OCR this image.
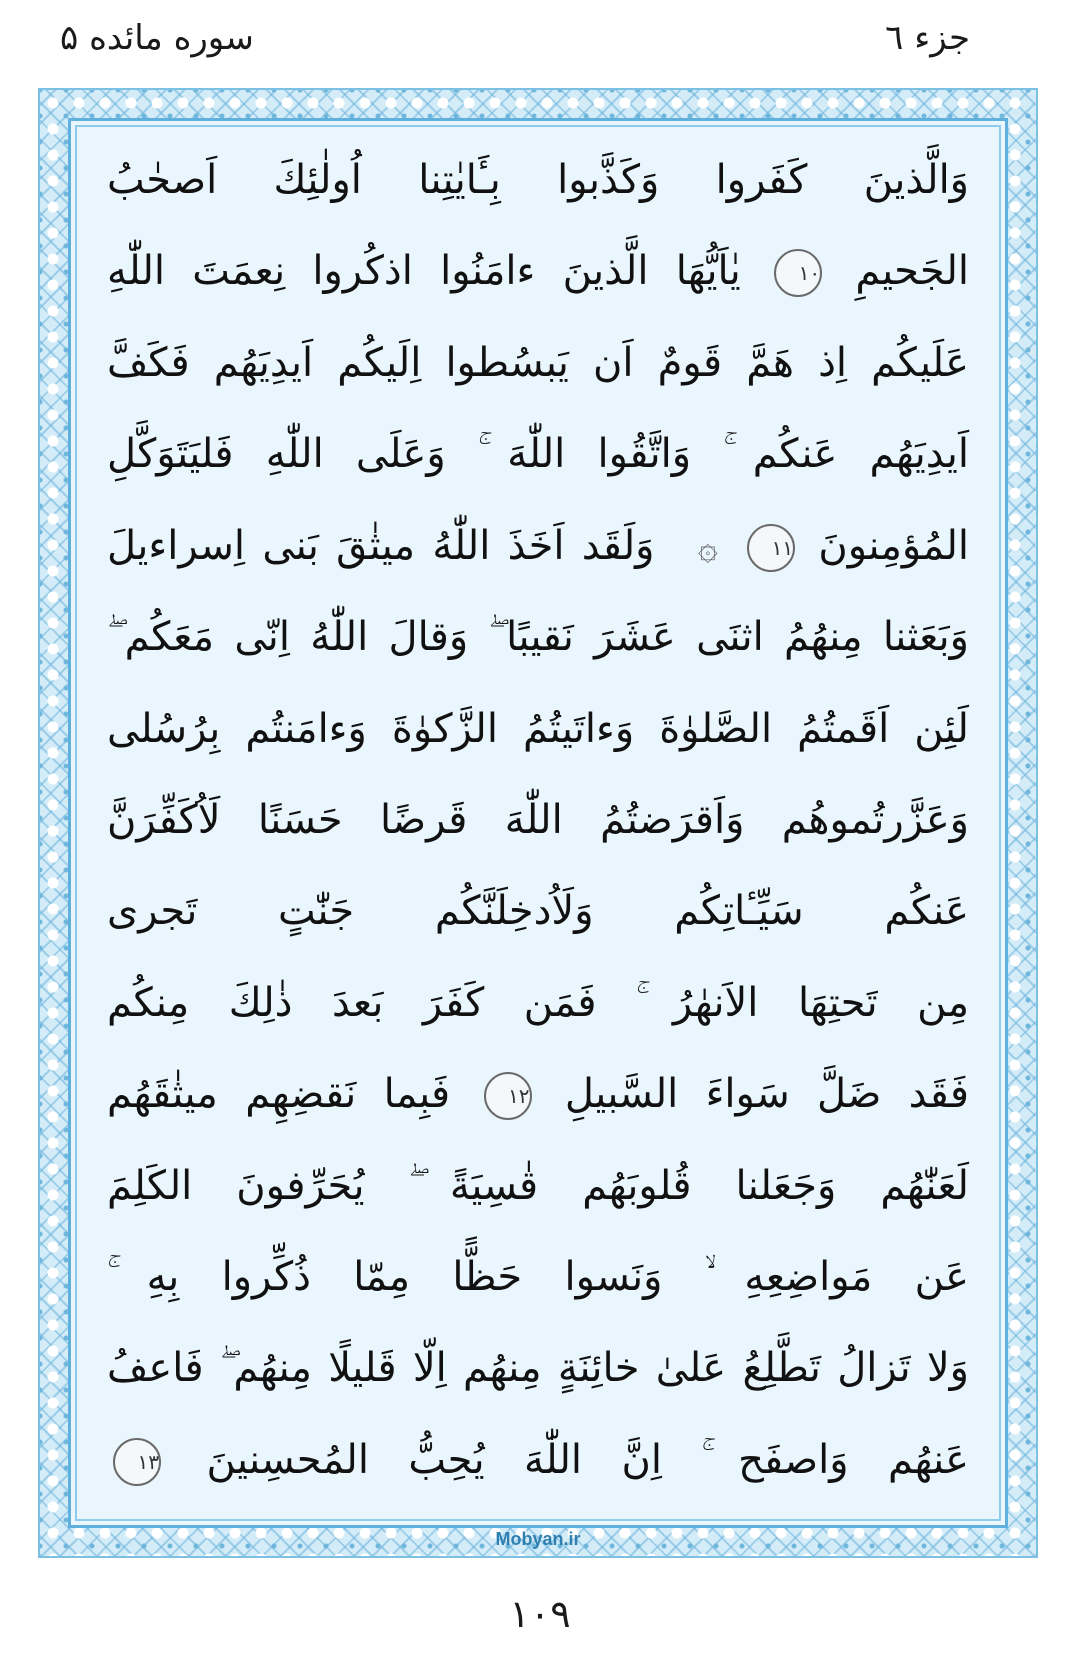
جزء ٦
سوره مائده ۵
وَالَّذينَ كَفَروا وَكَذَّبوا بِـَٔايٰتِنا اُولٰئِكَ اَصحٰبُ
الجَحيمِ ١٠ يٰاَيُّهَا الَّذينَ ءامَنُوا اذكُروا نِعمَتَ اللّٰهِ
عَلَيكُم اِذ هَمَّ قَومٌ اَن يَبسُطوا اِلَيكُم اَيدِيَهُم فَكَفَّ
اَيدِيَهُم عَنكُم ۚ وَاتَّقُوا اللّٰهَ ۚ وَعَلَى اللّٰهِ فَليَتَوَكَّلِ
المُؤمِنونَ ١١ ۞ وَلَقَد اَخَذَ اللّٰهُ ميثٰقَ بَنى اِسراءيلَ
وَبَعَثنا مِنهُمُ اثنَى عَشَرَ نَقيبًا ۖ وَقالَ اللّٰهُ اِنّى مَعَكُم ۖ
لَئِن اَقَمتُمُ الصَّلوٰةَ وَءاتَيتُمُ الزَّكوٰةَ وَءامَنتُم بِرُسُلى
وَعَزَّرتُموهُم وَاَقرَضتُمُ اللّٰهَ قَرضًا حَسَنًا لَاُكَفِّرَنَّ
عَنكُم سَيِّـٔاتِكُم وَلَاُدخِلَنَّكُم جَنّٰتٍ تَجرى
مِن تَحتِهَا الاَنهٰرُ ۚ فَمَن كَفَرَ بَعدَ ذٰلِكَ مِنكُم
فَقَد ضَلَّ سَواءَ السَّبيلِ ١٢ فَبِما نَقضِهِم ميثٰقَهُم
لَعَنّٰهُم وَجَعَلنا قُلوبَهُم قٰسِيَةً ۖ يُحَرِّفونَ الكَلِمَ
عَن مَواضِعِهِ ۙ وَنَسوا حَظًّا مِمّا ذُكِّروا بِهِ ۚ
وَلا تَزالُ تَطَّلِعُ عَلىٰ خائِنَةٍ مِنهُم اِلّا قَليلًا مِنهُم ۖ فَاعفُ
عَنهُم وَاصفَح ۚ اِنَّ اللّٰهَ يُحِبُّ المُحسِنينَ ١٣
Mobyan.ir
١٠٩
